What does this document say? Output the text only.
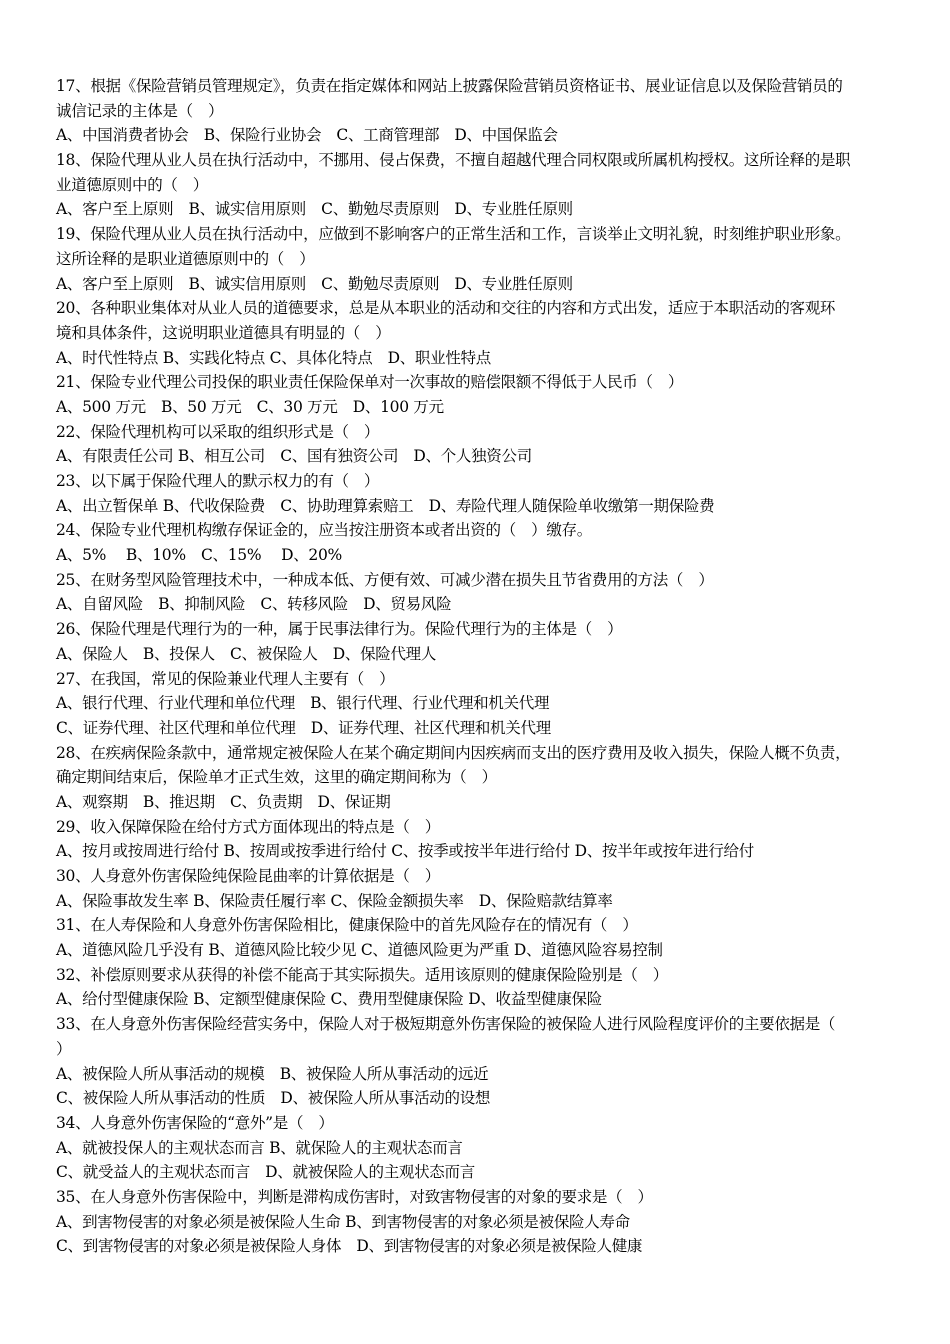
17、根据《保险营销员管理规定》，负责在指定媒体和网站上披露保险营销员资格证书、展业证信息以及保险营销员的
诚信记录的主体是（　）
A、中国消费者协会　B、保险行业协会　C、工商管理部　D、中国保监会
18、保险代理从业人员在执行活动中，不挪用、侵占保费，不擅自超越代理合同权限或所属机构授权。这所诠释的是职
业道德原则中的（　）
A、客户至上原则　B、诚实信用原则　C、勤勉尽责原则　D、专业胜任原则
19、保险代理从业人员在执行活动中，应做到不影响客户的正常生活和工作，言谈举止文明礼貌，时刻维护职业形象。
这所诠释的是职业道德原则中的（　）
A、客户至上原则　B、诚实信用原则　C、勤勉尽责原则　D、专业胜任原则
20、各种职业集体对从业人员的道德要求，总是从本职业的活动和交往的内容和方式出发，适应于本职活动的客观环
境和具体条件，这说明职业道德具有明显的（　）
A、时代性特点 B、实践化特点 C、具体化特点　D、职业性特点
21、保险专业代理公司投保的职业责任保险保单对一次事故的赔偿限额不得低于人民币（　）
A、500 万元　B、50 万元　C、30 万元　D、100 万元
22、保险代理机构可以采取的组织形式是（　）
A、有限责任公司 B、相互公司　C、国有独资公司　D、个人独资公司
23、以下属于保险代理人的默示权力的有（　）
A、出立暂保单 B、代收保险费　C、协助理算索赔工　D、寿险代理人随保险单收缴第一期保险费
24、保险专业代理机构缴存保证金的，应当按注册资本或者出资的（　）缴存。
A、5%　 B、10%　C、15%　 D、20%
25、在财务型风险管理技术中，一种成本低、方便有效、可减少潜在损失且节省费用的方法（　）
A、自留风险　B、抑制风险　C、转移风险　D、贸易风险
26、保险代理是代理行为的一种，属于民事法律行为。保险代理行为的主体是（　）
A、保险人　B、投保人　C、被保险人　D、保险代理人
27、在我国，常见的保险兼业代理人主要有（　）
A、银行代理、行业代理和单位代理　B、银行代理、行业代理和机关代理
C、证券代理、社区代理和单位代理　D、证券代理、社区代理和机关代理
28、在疾病保险条款中，通常规定被保险人在某个确定期间内因疾病而支出的医疗费用及收入损失，保险人概不负责，
确定期间结束后，保险单才正式生效，这里的确定期间称为（　）
A、观察期　B、推迟期　C、负责期　D、保证期
29、收入保障保险在给付方式方面体现出的特点是（　）
A、按月或按周进行给付 B、按周或按季进行给付 C、按季或按半年进行给付 D、按半年或按年进行给付
30、人身意外伤害保险纯保险昆曲率的计算依据是（　）
A、保险事故发生率 B、保险责任履行率 C、保险金额损失率　D、保险赔款结算率
31、在人寿保险和人身意外伤害保险相比，健康保险中的首先风险存在的情况有（　）
A、道德风险几乎没有 B、道德风险比较少见 C、道德风险更为严重 D、道德风险容易控制
32、补偿原则要求从获得的补偿不能高于其实际损失。适用该原则的健康保险险别是（　）
A、给付型健康保险 B、定额型健康保险 C、费用型健康保险 D、收益型健康保险
33、在人身意外伤害保险经营实务中，保险人对于极短期意外伤害保险的被保险人进行风险程度评价的主要依据是（
）
A、被保险人所从事活动的规模　B、被保险人所从事活动的远近
C、被保险人所从事活动的性质　D、被保险人所从事活动的设想
34、人身意外伤害保险的“意外”是（　）
A、就被投保人的主观状态而言 B、就保险人的主观状态而言
C、就受益人的主观状态而言　D、就被保险人的主观状态而言
35、在人身意外伤害保险中，判断是滞构成伤害时，对致害物侵害的对象的要求是（　）
A、到害物侵害的对象必须是被保险人生命 B、到害物侵害的对象必须是被保险人寿命
C、到害物侵害的对象必须是被保险人身体　D、到害物侵害的对象必须是被保险人健康
